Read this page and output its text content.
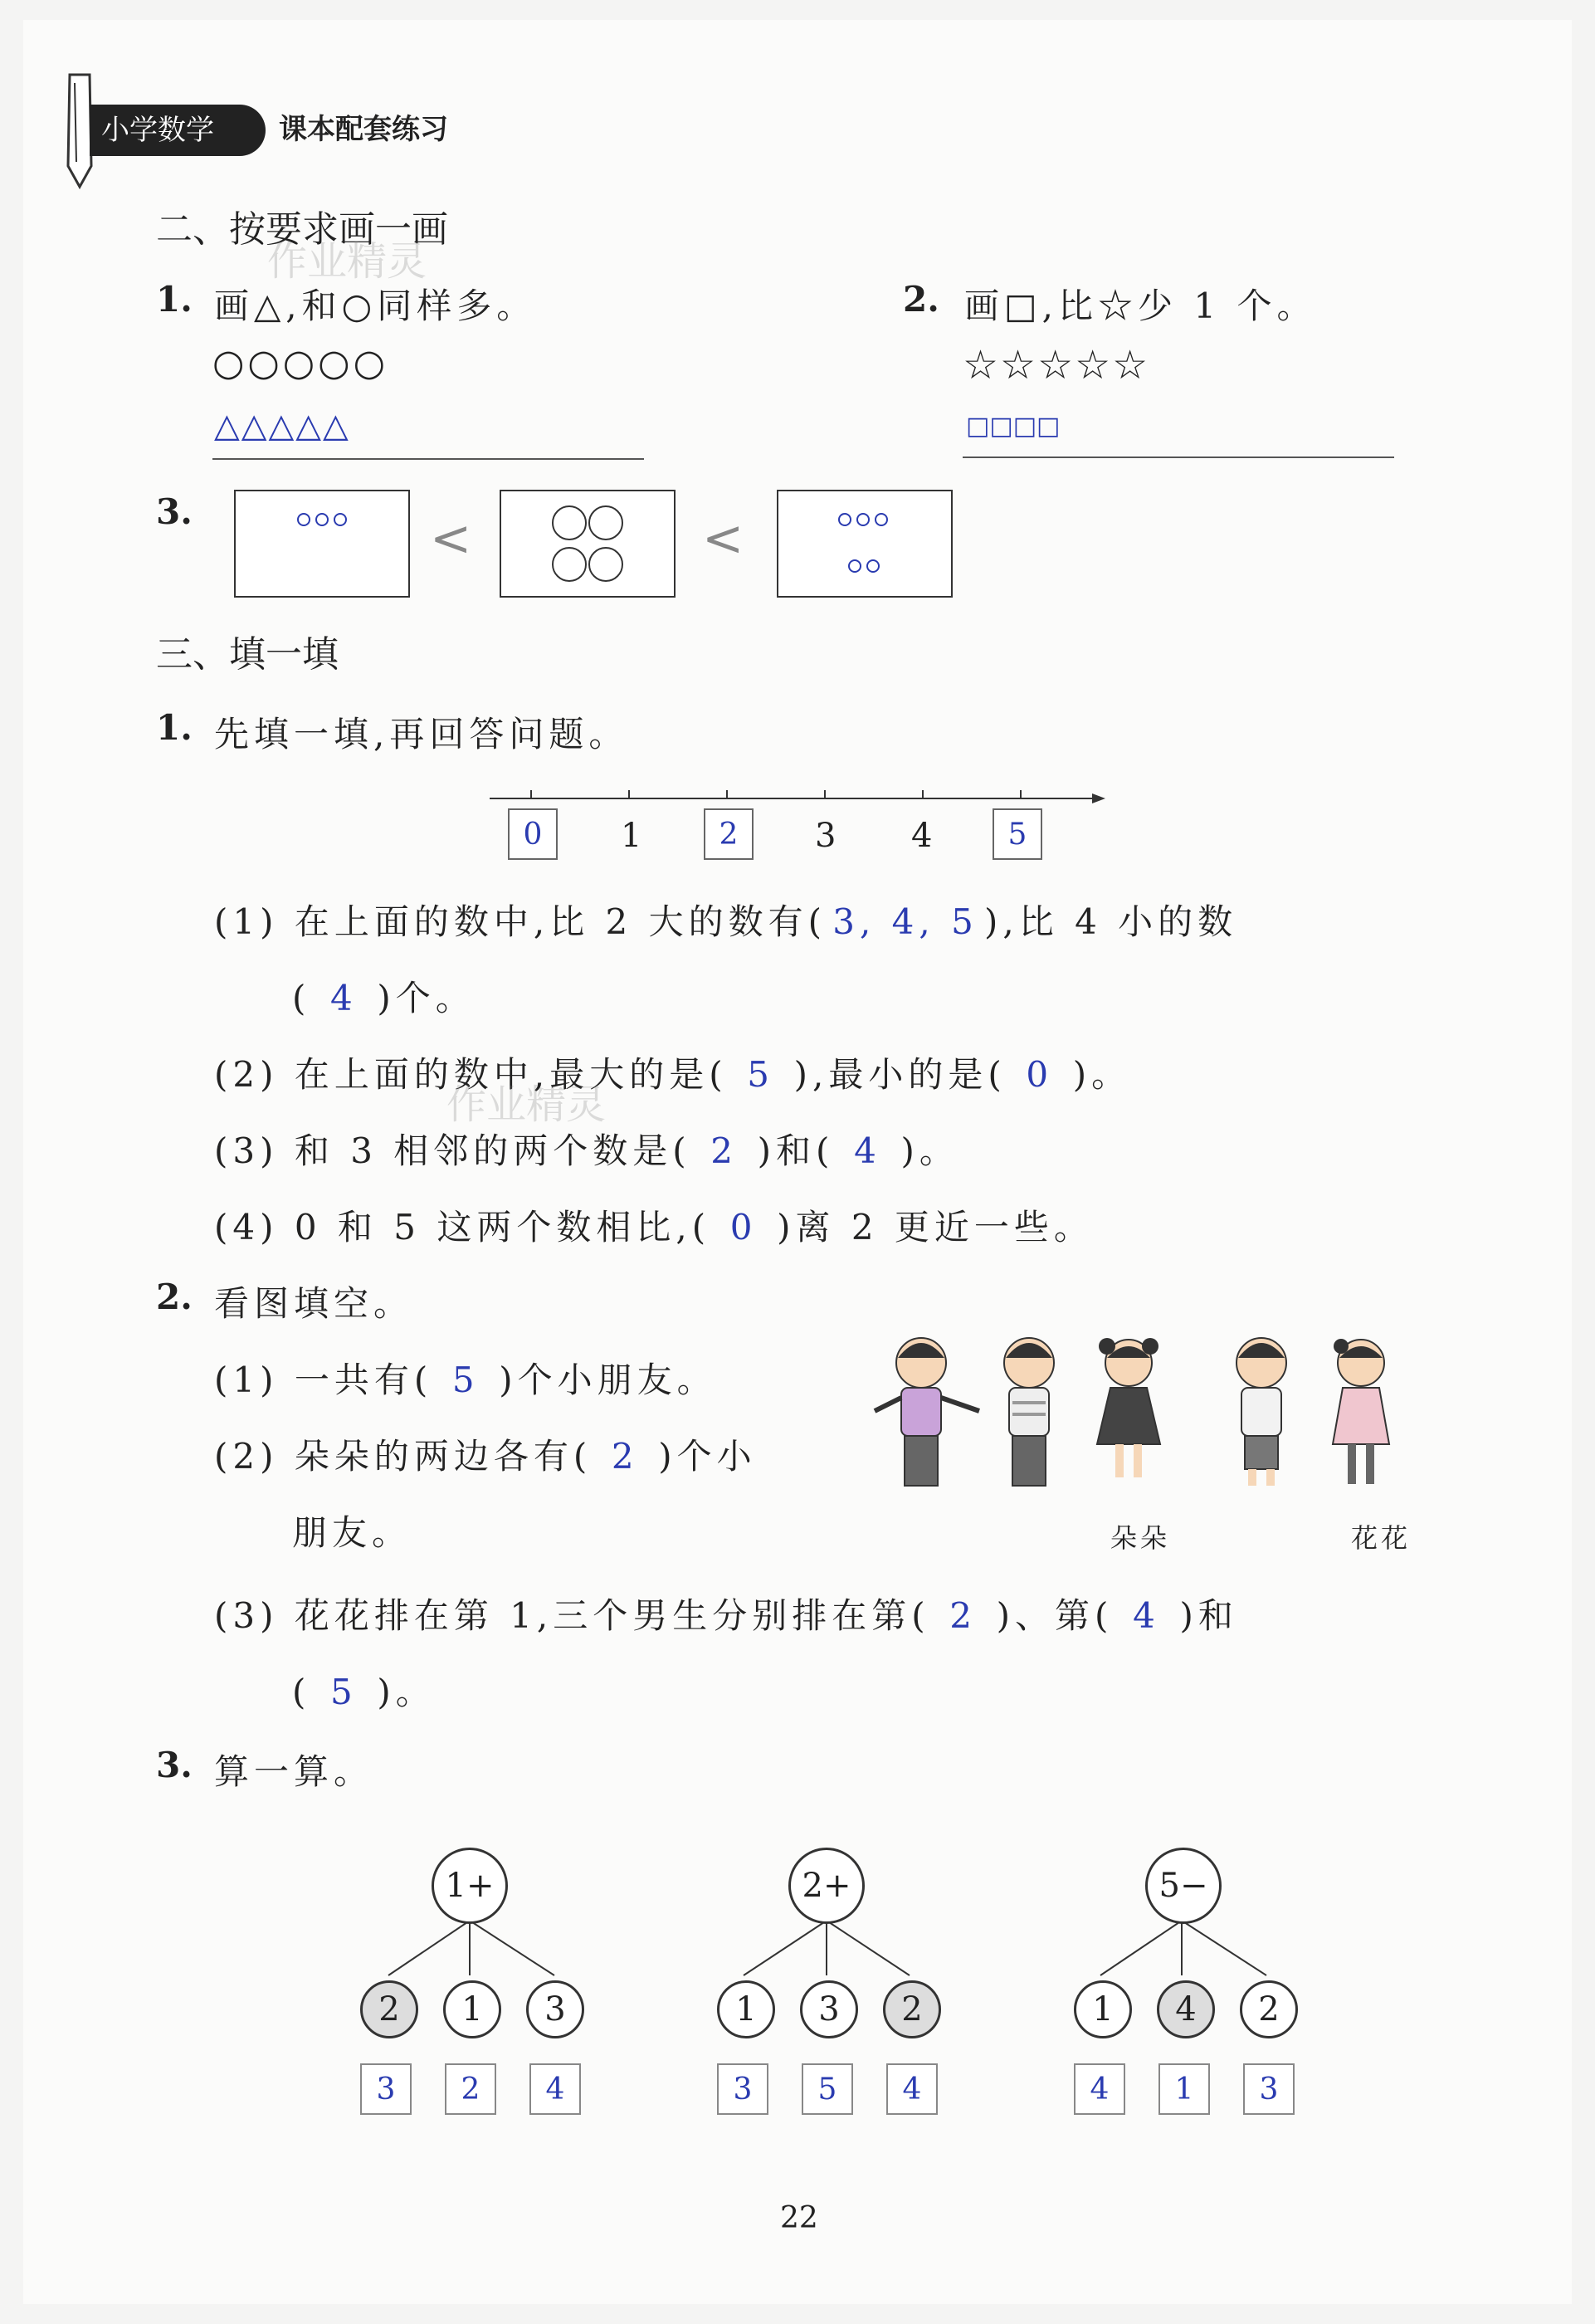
小学数学	课本配套练习
二、按要求画一画
作业精灵
1. 画△,和○同样多。
○○○○○
△△△△△
2. 画□,比☆少 1 个。
☆☆☆☆☆
□□□□
3.	<	<
三、填一填
1. 先填一填,再回答问题。
0	1	2	3 4	5
(1) 在上面的数中,比 2 大的数有( 3, 4, 5 ),比 4 小的数
( 4 )个。
(2) 在上面的数中,最大的是( 5 ),最小的是( 0 )。
作业精灵
(3) 和 3 相邻的两个数是( 2 )和( 4 )。
(4) 0 和 5 这两个数相比,( 0 )离 2 更近一些。
2. 看图填空。
(1) 一共有( 5 )个小朋友。
(2) 朵朵的两边各有( 2 )个小
朋友。	朵朵	花花
(3) 花花排在第 1,三个男生分别排在第( 2 )、第( 4 )和
( 5 )。
3. 算一算。
1+
2	1	3
3	2	4
2+
1	3	2
3	5	4
5−
1	4	2
4	1	3
22
